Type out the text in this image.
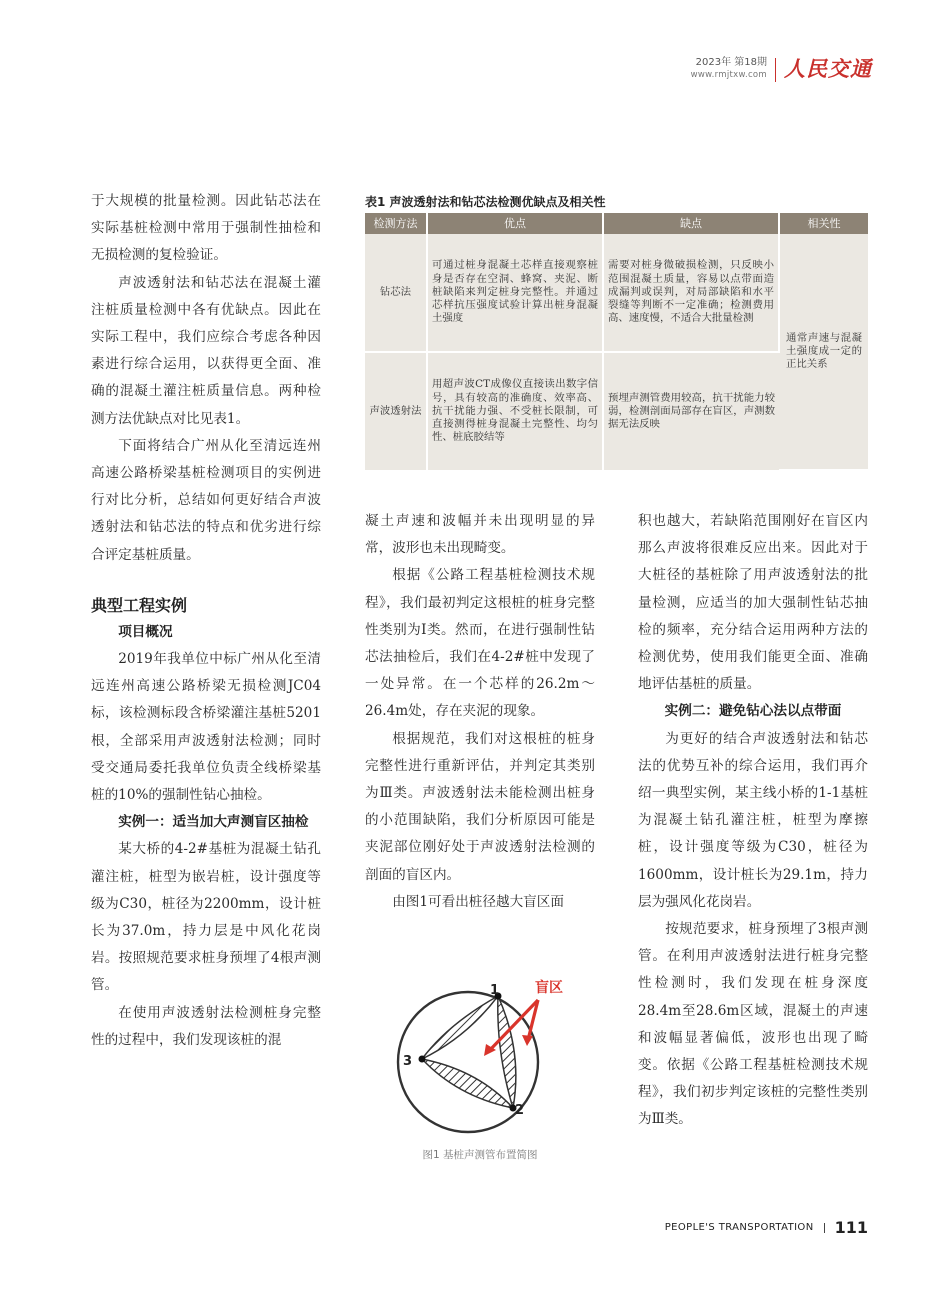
2023年 第18期
www.rmjtxw.com 人民交通

于大规模的批量检测。因此钻芯法在实际基桩检测中常用于强制性抽检和无损检测的复检验证。

声波透射法和钻芯法在混凝土灌注桩质量检测中各有优缺点。因此在实际工程中，我们应综合考虑各种因素进行综合运用，以获得更全面、准确的混凝土灌注桩质量信息。两种检测方法优缺点对比见表1。

下面将结合广州从化至清远连州高速公路桥梁基桩检测项目的实例进行对比分析，总结如何更好结合声波透射法和钻芯法的特点和优劣进行综合评定基桩质量。

典型工程实例
项目概况

2019年我单位中标广州从化至清远连州高速公路桥梁无损检测JC04标，该检测标段含桥梁灌注基桩5201根，全部采用声波透射法检测；同时受交通局委托我单位负责全线桥梁基桩的10%的强制性钻心抽检。

实例一：适当加大声测盲区抽检

某大桥的4-2#基桩为混凝土钻孔灌注桩，桩型为嵌岩桩，设计强度等级为C30，桩径为2200mm，设计桩长为37.0m，持力层是中风化花岗岩。按照规范要求桩身预埋了4根声测管。

在使用声波透射法检测桩身完整性的过程中，我们发现该桩的混

表1 声波透射法和钻芯法检测优缺点及相关性
检测方法	优点	缺点	相关性
钻芯法	可通过桩身混凝土芯样直接观察桩身是否存在空洞、蜂窝、夹泥、断桩缺陷来判定桩身完整性。并通过芯样抗压强度试验计算出桩身混凝土强度	需要对桩身微破损检测，只反映小范围混凝土质量，容易以点带面造成漏判或误判，对局部缺陷和水平裂缝等判断不一定准确；检测费用高、速度慢，不适合大批量检测	通常声速与混凝土强度成一定的正比关系
声波透射法	用超声波CT成像仪直接读出数字信号，具有较高的准确度、效率高、抗干扰能力强、不受桩长限制，可直接测得桩身混凝土完整性、均匀性、桩底胶结等	预埋声测管费用较高，抗干扰能力较弱，检测剖面局部存在盲区，声测数据无法反映	

凝土声速和波幅并未出现明显的异常，波形也未出现畸变。

根据《公路工程基桩检测技术规程》，我们最初判定这根桩的桩身完整性类别为Ⅰ类。然而，在进行强制性钻芯法抽检后，我们在4-2#桩中发现了一处异常。在一个芯样的26.2m～26.4m处，存在夹泥的现象。

根据规范，我们对这根桩的桩身完整性进行重新评估，并判定其类别为Ⅲ类。声波透射法未能检测出桩身的小范围缺陷，我们分析原因可能是夹泥部位刚好处于声波透射法检测的剖面的盲区内。

由图1可看出桩径越大盲区面

1
2
3
盲区
图1 基桩声测管布置简图

积也越大，若缺陷范围刚好在盲区内那么声波将很难反应出来。因此对于大桩径的基桩除了用声波透射法的批量检测，应适当的加大强制性钻芯抽检的频率，充分结合运用两种方法的检测优势，使用我们能更全面、准确地评估基桩的质量。

实例二：避免钻心法以点带面

为更好的结合声波透射法和钻芯法的优势互补的综合运用，我们再介绍一典型实例，某主线小桥的1-1基桩为混凝土钻孔灌注桩，桩型为摩擦桩，设计强度等级为C30，桩径为1600mm，设计桩长为29.1m，持力层为强风化花岗岩。

按规范要求，桩身预埋了3根声测管。在利用声波透射法进行桩身完整性检测时，我们发现在桩身深度28.4m至28.6m区域，混凝土的声速和波幅显著偏低，波形也出现了畸变。依据《公路工程基桩检测技术规程》，我们初步判定该桩的完整性类别为Ⅲ类。

PEOPLE'S TRANSPORTATION 111
